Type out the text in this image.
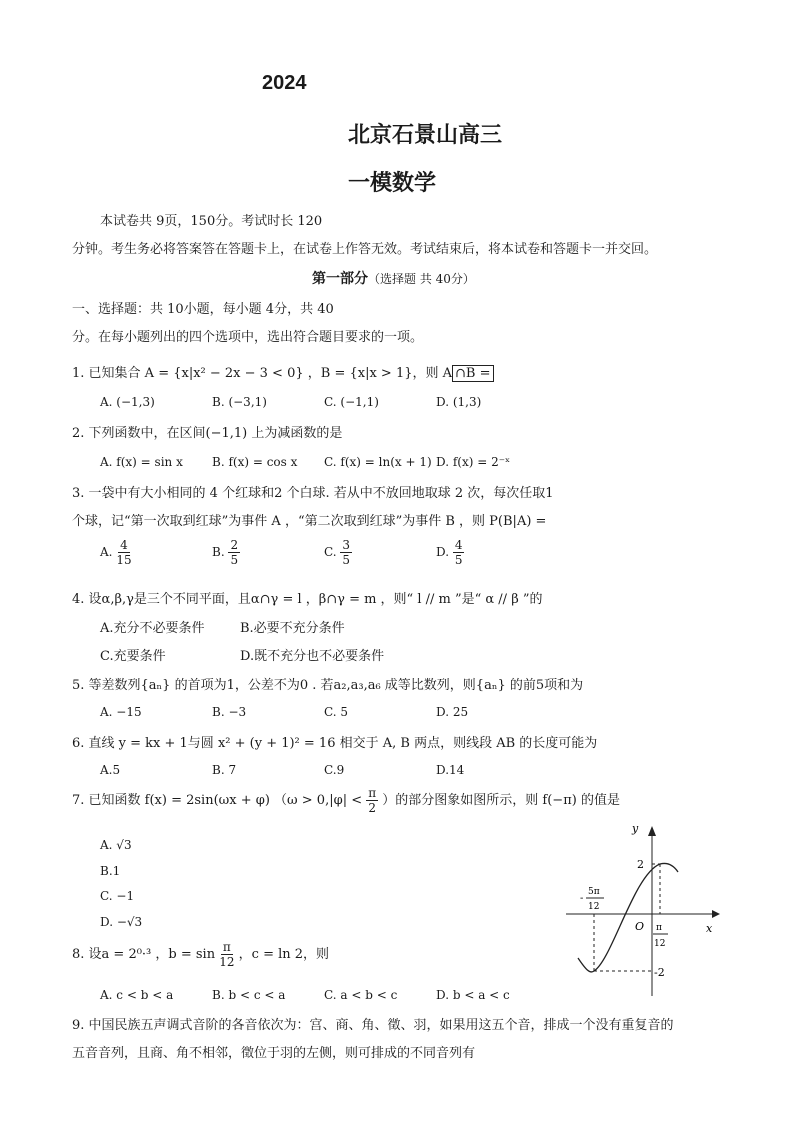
2024
北京石景山高三
一模数学
本试卷共 9页，150分。考试时长 120
分钟。考生务必将答案答在答题卡上，在试卷上作答无效。考试结束后，将本试卷和答题卡一并交回。
第一部分（选择题 共 40分）
一、选择题：共 10小题，每小题 4分，共 40
分。在每小题列出的四个选项中，选出符合题目要求的一项。
1. 已知集合 A = {x|x² − 2x − 3 < 0} ，B = {x|x > 1}，则 A ∩B =
A. (−1,3)	B. (−3,1)	C. (−1,1)	D. (1,3)
2. 下列函数中，在区间(−1,1) 上为减函数的是
A. f(x) = sin x B. f(x) = cos x C. f(x) = ln(x + 1) D. f(x) = 2⁻ˣ
3. 一袋中有大小相同的 4 个红球和2 个白球. 若从中不放回地取球 2 次，每次任取1
个球，记“第一次取到红球”为事件 A ，“第二次取到红球”为事件 B ，则 P(B|A) =
A. $\frac{4}{15}$	B. $\frac{2}{5}$	C. $\frac{3}{5}$	D. $\frac{4}{5}$
4. 设α,β,γ是三个不同平面，且α∩γ = l ，β∩γ = m ，则“ l // m ”是“ α // β ”的
A.充分不必要条件	B.必要不充分条件
C.充要条件	D.既不充分也不必要条件
5. 等差数列{aₙ} 的首项为1，公差不为0 . 若a₂,a₃,a₆ 成等比数列，则{aₙ} 的前5项和为
A. −15	B. −3	C. 5	D. 25
6. 直线 y = kx + 1与圆 x² + (y + 1)² = 16 相交于 A, B 两点，则线段 AB 的长度可能为
A.5	B. 7	C.9	D.14
7. 已知函数 f(x) = 2sin(ωx + φ) （$\omega > 0,|\varphi| < \frac{\pi}{2}$ ）的部分图象如图所示，则 f(−π) 的值是
A. √3
B.1
C. −1
D. −√3
y
x
O
2
-2
-
5π
12
π
12
8. 设a = 2⁰·³ ，$b = \sin \frac{\pi}{12}$ ，c = ln 2，则
A. c < b < a	B. b < c < a	C. a < b < c	D. b < a < c
9. 中国民族五声调式音阶的各音依次为：宫、商、角、徵、羽，如果用这五个音，排成一个没有重复音的
五音音列，且商、角不相邻，徵位于羽的左侧，则可排成的不同音列有
